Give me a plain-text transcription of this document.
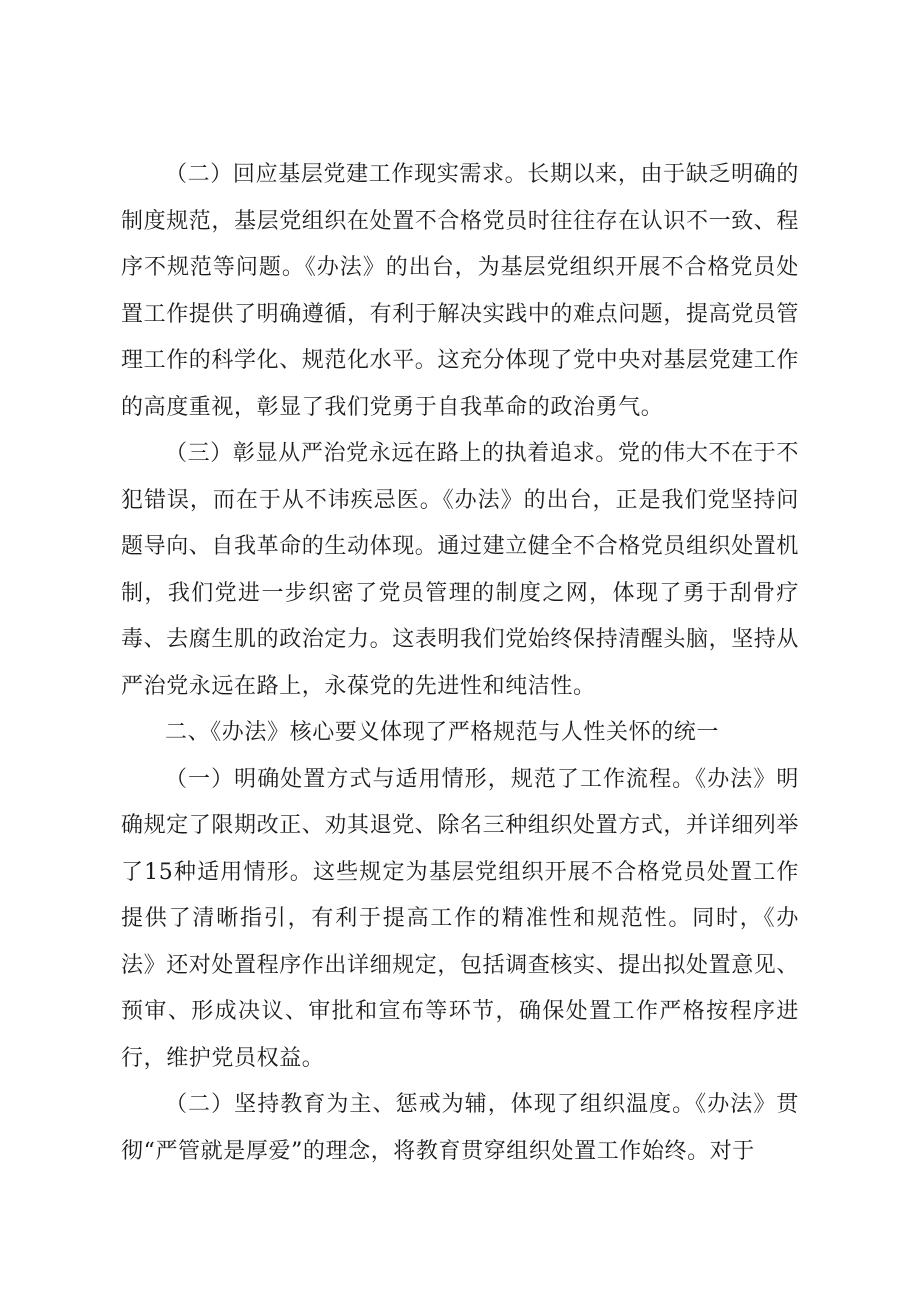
（二）回应基层党建工作现实需求。长期以来，由于缺乏明确的制度规范，基层党组织在处置不合格党员时往往存在认识不一致、程序不规范等问题。《办法》的出台，为基层党组织开展不合格党员处置工作提供了明确遵循，有利于解决实践中的难点问题，提高党员管理工作的科学化、规范化水平。这充分体现了党中央对基层党建工作的高度重视，彰显了我们党勇于自我革命的政治勇气。

（三）彰显从严治党永远在路上的执着追求。党的伟大不在于不犯错误，而在于从不讳疾忌医。《办法》的出台，正是我们党坚持问题导向、自我革命的生动体现。通过建立健全不合格党员组织处置机制，我们党进一步织密了党员管理的制度之网，体现了勇于刮骨疗毒、去腐生肌的政治定力。这表明我们党始终保持清醒头脑，坚持从严治党永远在路上，永葆党的先进性和纯洁性。

二、《办法》核心要义体现了严格规范与人性关怀的统一

（一）明确处置方式与适用情形，规范了工作流程。《办法》明确规定了限期改正、劝其退党、除名三种组织处置方式，并详细列举了15种适用情形。这些规定为基层党组织开展不合格党员处置工作提供了清晰指引，有利于提高工作的精准性和规范性。同时，《办法》还对处置程序作出详细规定，包括调查核实、提出拟处置意见、预审、形成决议、审批和宣布等环节，确保处置工作严格按程序进行，维护党员权益。

（二）坚持教育为主、惩戒为辅，体现了组织温度。《办法》贯彻“严管就是厚爱”的理念，将教育贯穿组织处置工作始终。对于
